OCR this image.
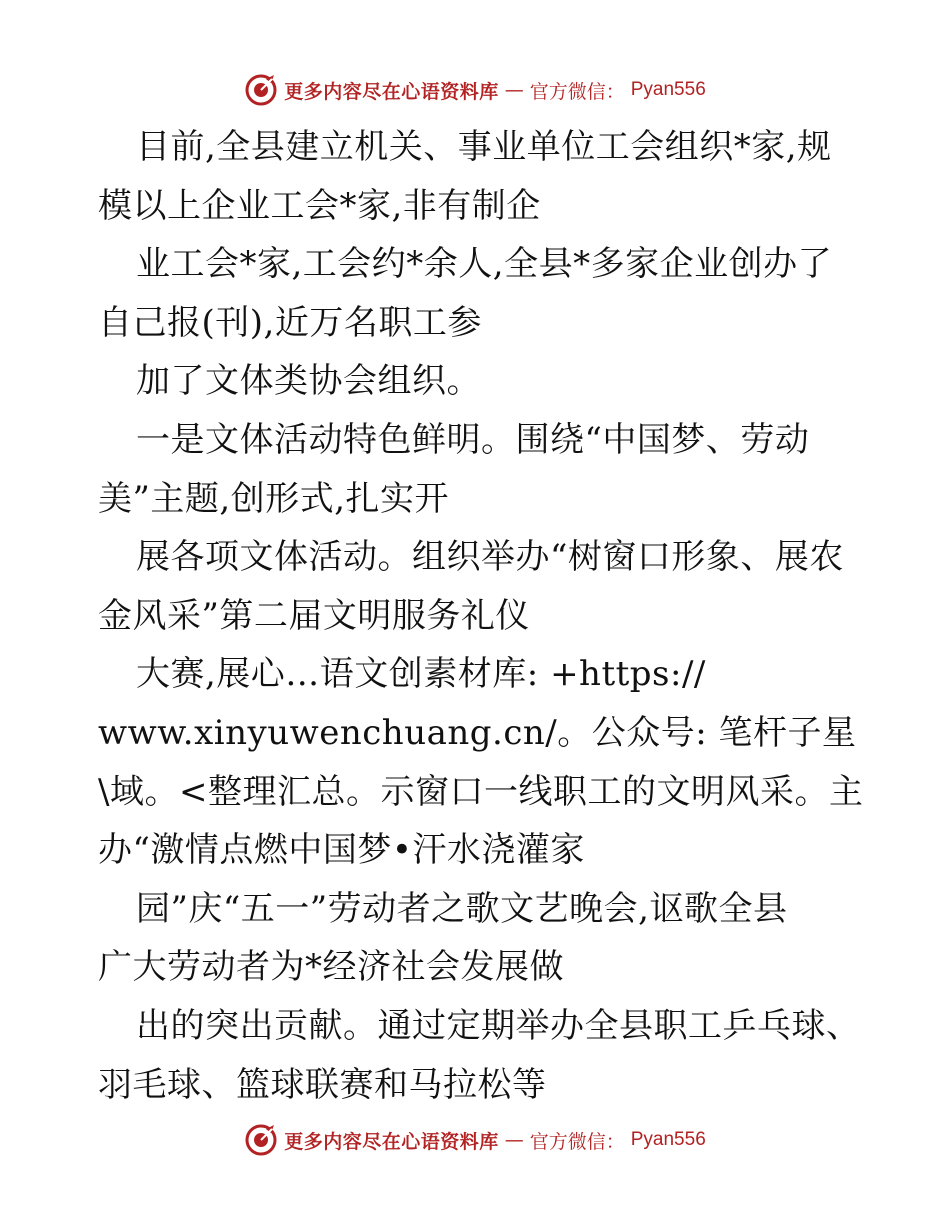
更多内容尽在心语资料库 — 官方微信： Pyan556
目前,全县建立机关、事业单位工会组织*家,规
模以上企业工会*家,非有制企
业工会*家,工会约*余人,全县*多家企业创办了
自己报(刊),近万名职工参
加了文体类协会组织。
一是文体活动特色鲜明。围绕“中国梦、劳动
美”主题,创形式,扎实开
展各项文体活动。组织举办“树窗口形象、展农
金风采”第二届文明服务礼仪
大赛,展心…语文创素材库: +https://
www.xinyuwenchuang.cn/。公众号: 笔杆子星
\域。<整理汇总。示窗口一线职工的文明风采。主
办“激情点燃中国梦•汗水浇灌家
园”庆“五一”劳动者之歌文艺晚会,讴歌全县
广大劳动者为*经济社会发展做
出的突出贡献。通过定期举办全县职工乒乓球、
羽毛球、篮球联赛和马拉松等
更多内容尽在心语资料库 — 官方微信： Pyan556
